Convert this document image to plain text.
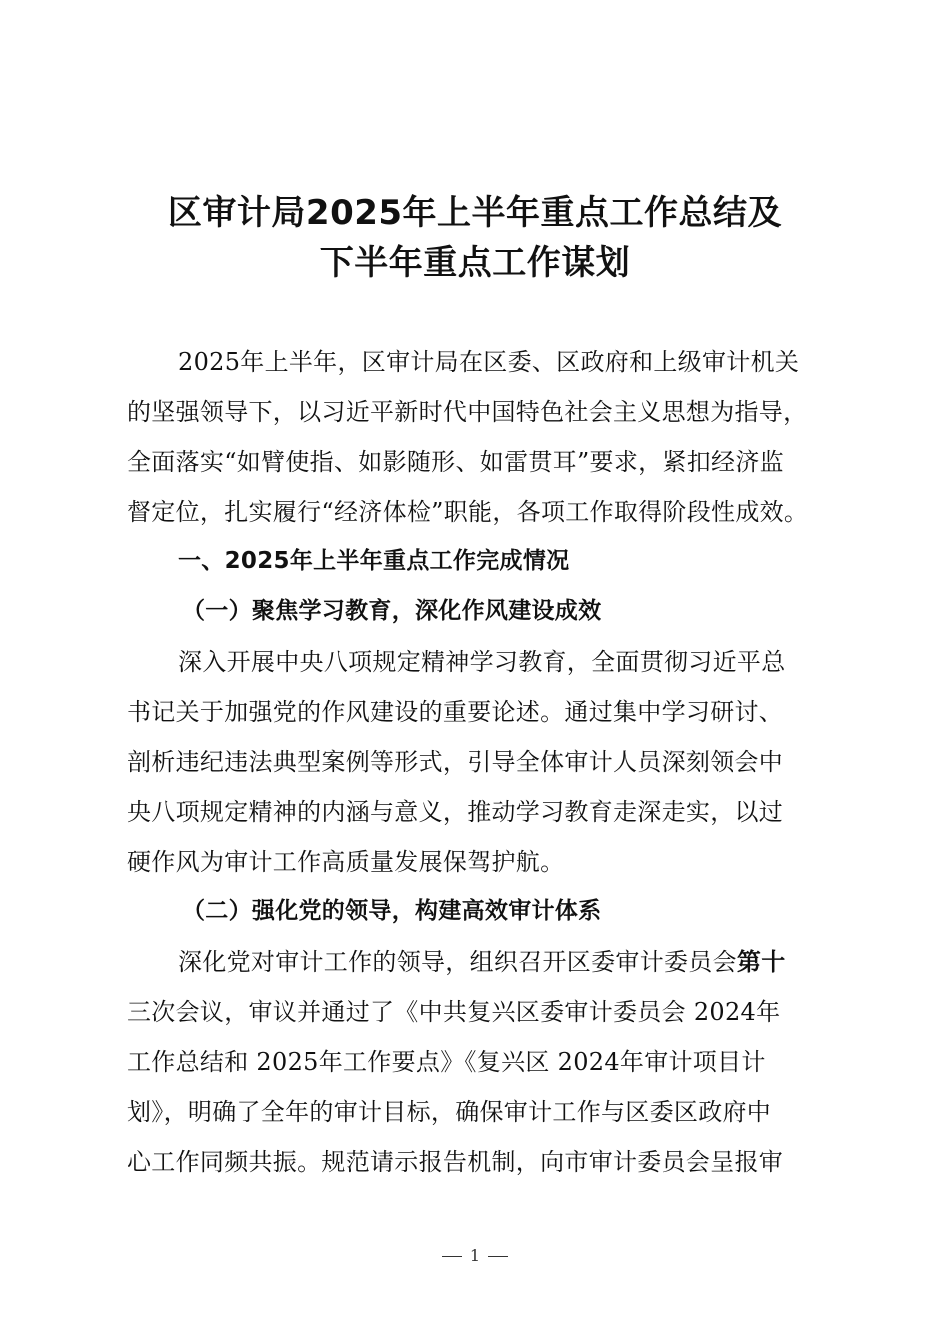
区审计局2025年上半年重点工作总结及
下半年重点工作谋划
2025年上半年，区审计局在区委、区政府和上级审计机关
的坚强领导下，以习近平新时代中国特色社会主义思想为指导，
全面落实“如臂使指、如影随形、如雷贯耳”要求，紧扣经济监
督定位，扎实履行“经济体检”职能，各项工作取得阶段性成效。
一、2025年上半年重点工作完成情况
（一）聚焦学习教育，深化作风建设成效
深入开展中央八项规定精神学习教育，全面贯彻习近平总
书记关于加强党的作风建设的重要论述。通过集中学习研讨、
剖析违纪违法典型案例等形式，引导全体审计人员深刻领会中
央八项规定精神的内涵与意义，推动学习教育走深走实，以过
硬作风为审计工作高质量发展保驾护航。
（二）强化党的领导，构建高效审计体系
深化党对审计工作的领导，组织召开区委审计委员会第十
三次会议，审议并通过了《中共复兴区委审计委员会 2024年
工作总结和 2025年工作要点》《复兴区 2024年审计项目计
划》，明确了全年的审计目标，确保审计工作与区委区政府中
心工作同频共振。规范请示报告机制，向市审计委员会呈报审
1
